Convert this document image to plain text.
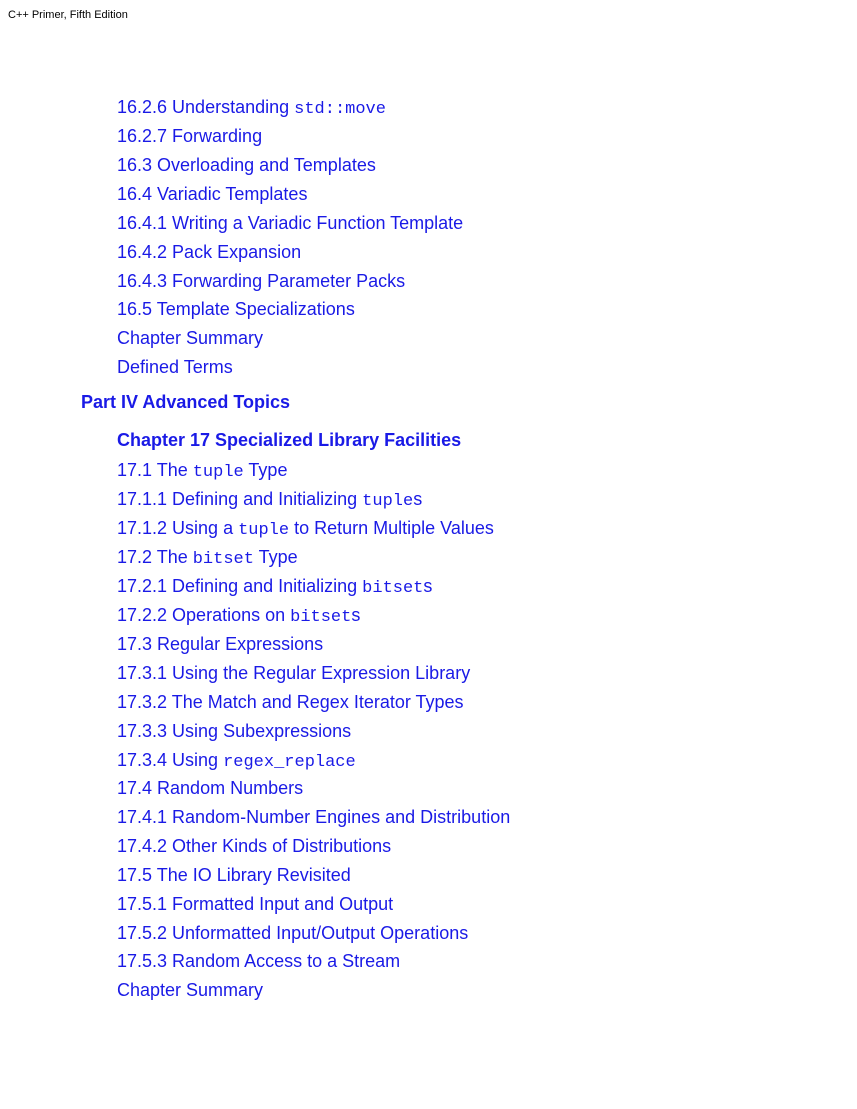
C++ Primer, Fifth Edition
16.2.6 Understanding std::move
16.2.7 Forwarding
16.3 Overloading and Templates
16.4 Variadic Templates
16.4.1 Writing a Variadic Function Template
16.4.2 Pack Expansion
16.4.3 Forwarding Parameter Packs
16.5 Template Specializations
Chapter Summary
Defined Terms
Part IV Advanced Topics
Chapter 17 Specialized Library Facilities
17.1 The tuple Type
17.1.1 Defining and Initializing tuples
17.1.2 Using a tuple to Return Multiple Values
17.2 The bitset Type
17.2.1 Defining and Initializing bitsets
17.2.2 Operations on bitsets
17.3 Regular Expressions
17.3.1 Using the Regular Expression Library
17.3.2 The Match and Regex Iterator Types
17.3.3 Using Subexpressions
17.3.4 Using regex_replace
17.4 Random Numbers
17.4.1 Random-Number Engines and Distribution
17.4.2 Other Kinds of Distributions
17.5 The IO Library Revisited
17.5.1 Formatted Input and Output
17.5.2 Unformatted Input/Output Operations
17.5.3 Random Access to a Stream
Chapter Summary
